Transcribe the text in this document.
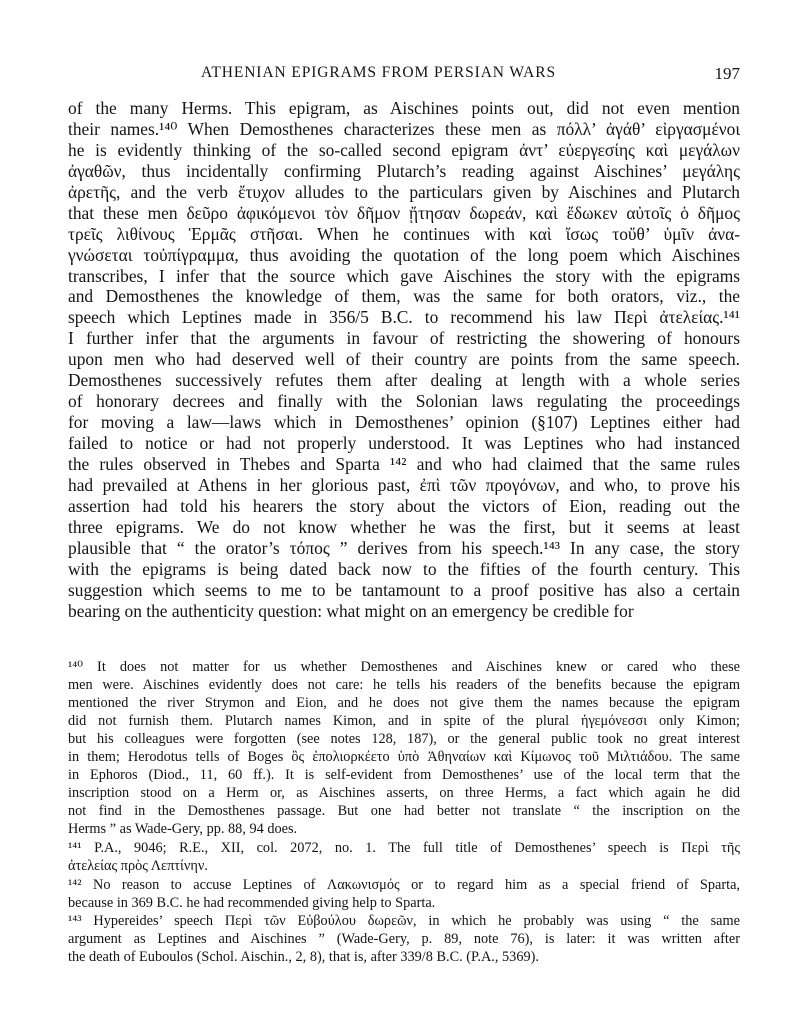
ATHENIAN EPIGRAMS FROM PERSIAN WARS	197
of the many Herms. This epigram, as Aischines points out, did not even mention
their names.¹⁴⁰ When Demosthenes characterizes these men as πόλλ’ ἀγάθ’ εἰργασμένοι
he is evidently thinking of the so-called second epigram ἀντ’ εὐεργεσίης καὶ μεγάλων
ἀγαθῶν, thus incidentally confirming Plutarch’s reading against Aischines’ μεγάλης
ἀρετῆς, and the verb ἔτυχον alludes to the particulars given by Aischines and Plutarch
that these men δεῦρο ἀφικόμενοι τὸν δῆμον ᾔτησαν δωρεάν, καὶ ἔδωκεν αὐτοῖς ὁ δῆμος
τρεῖς λιθίνους Ἑρμᾶς στῆσαι. When he continues with καὶ ἴσως τοὔθ’ ὑμῖν ἀνα-
γνώσεται τοὐπίγραμμα, thus avoiding the quotation of the long poem which Aischines
transcribes, I infer that the source which gave Aischines the story with the epigrams
and Demosthenes the knowledge of them, was the same for both orators, viz., the
speech which Leptines made in 356/5 B.C. to recommend his law Περὶ ἀτελείας.¹⁴¹
I further infer that the arguments in favour of restricting the showering of honours
upon men who had deserved well of their country are points from the same speech.
Demosthenes successively refutes them after dealing at length with a whole series
of honorary decrees and finally with the Solonian laws regulating the proceedings
for moving a law—laws which in Demosthenes’ opinion (§107) Leptines either had
failed to notice or had not properly understood. It was Leptines who had instanced
the rules observed in Thebes and Sparta ¹⁴² and who had claimed that the same rules
had prevailed at Athens in her glorious past, ἐπὶ τῶν προγόνων, and who, to prove his
assertion had told his hearers the story about the victors of Eion, reading out the
three epigrams. We do not know whether he was the first, but it seems at least
plausible that “ the orator’s τόπος ” derives from his speech.¹⁴³ In any case, the story
with the epigrams is being dated back now to the fifties of the fourth century. This
suggestion which seems to me to be tantamount to a proof positive has also a certain
bearing on the authenticity question: what might on an emergency be credible for
¹⁴⁰ It does not matter for us whether Demosthenes and Aischines knew or cared who these
men were. Aischines evidently does not care: he tells his readers of the benefits because the epigram
mentioned the river Strymon and Eion, and he does not give them the names because the epigram
did not furnish them. Plutarch names Kimon, and in spite of the plural ἡγεμόνεσσι only Kimon;
but his colleagues were forgotten (see notes 128, 187), or the general public took no great interest
in them; Herodotus tells of Boges ὃς ἐπολιορκέετο ὑπὸ Ἀθηναίων καὶ Κίμωνος τοῦ Μιλτιάδου. The same
in Ephoros (Diod., 11, 60 ff.). It is self-evident from Demosthenes’ use of the local term that the
inscription stood on a Herm or, as Aischines asserts, on three Herms, a fact which again he did
not find in the Demosthenes passage. But one had better not translate “ the inscription on the
Herms ” as Wade-Gery, pp. 88, 94 does.
¹⁴¹ P.A., 9046; R.E., XII, col. 2072, no. 1. The full title of Demosthenes’ speech is Περὶ τῆς
ἀτελείας πρὸς Λεπτίνην.
¹⁴² No reason to accuse Leptines of Λακωνισμός or to regard him as a special friend of Sparta,
because in 369 B.C. he had recommended giving help to Sparta.
¹⁴³ Hypereides’ speech Περὶ τῶν Εὐβούλου δωρεῶν, in which he probably was using “ the same
argument as Leptines and Aischines ” (Wade-Gery, p. 89, note 76), is later: it was written after
the death of Euboulos (Schol. Aischin., 2, 8), that is, after 339/8 B.C. (P.A., 5369).
